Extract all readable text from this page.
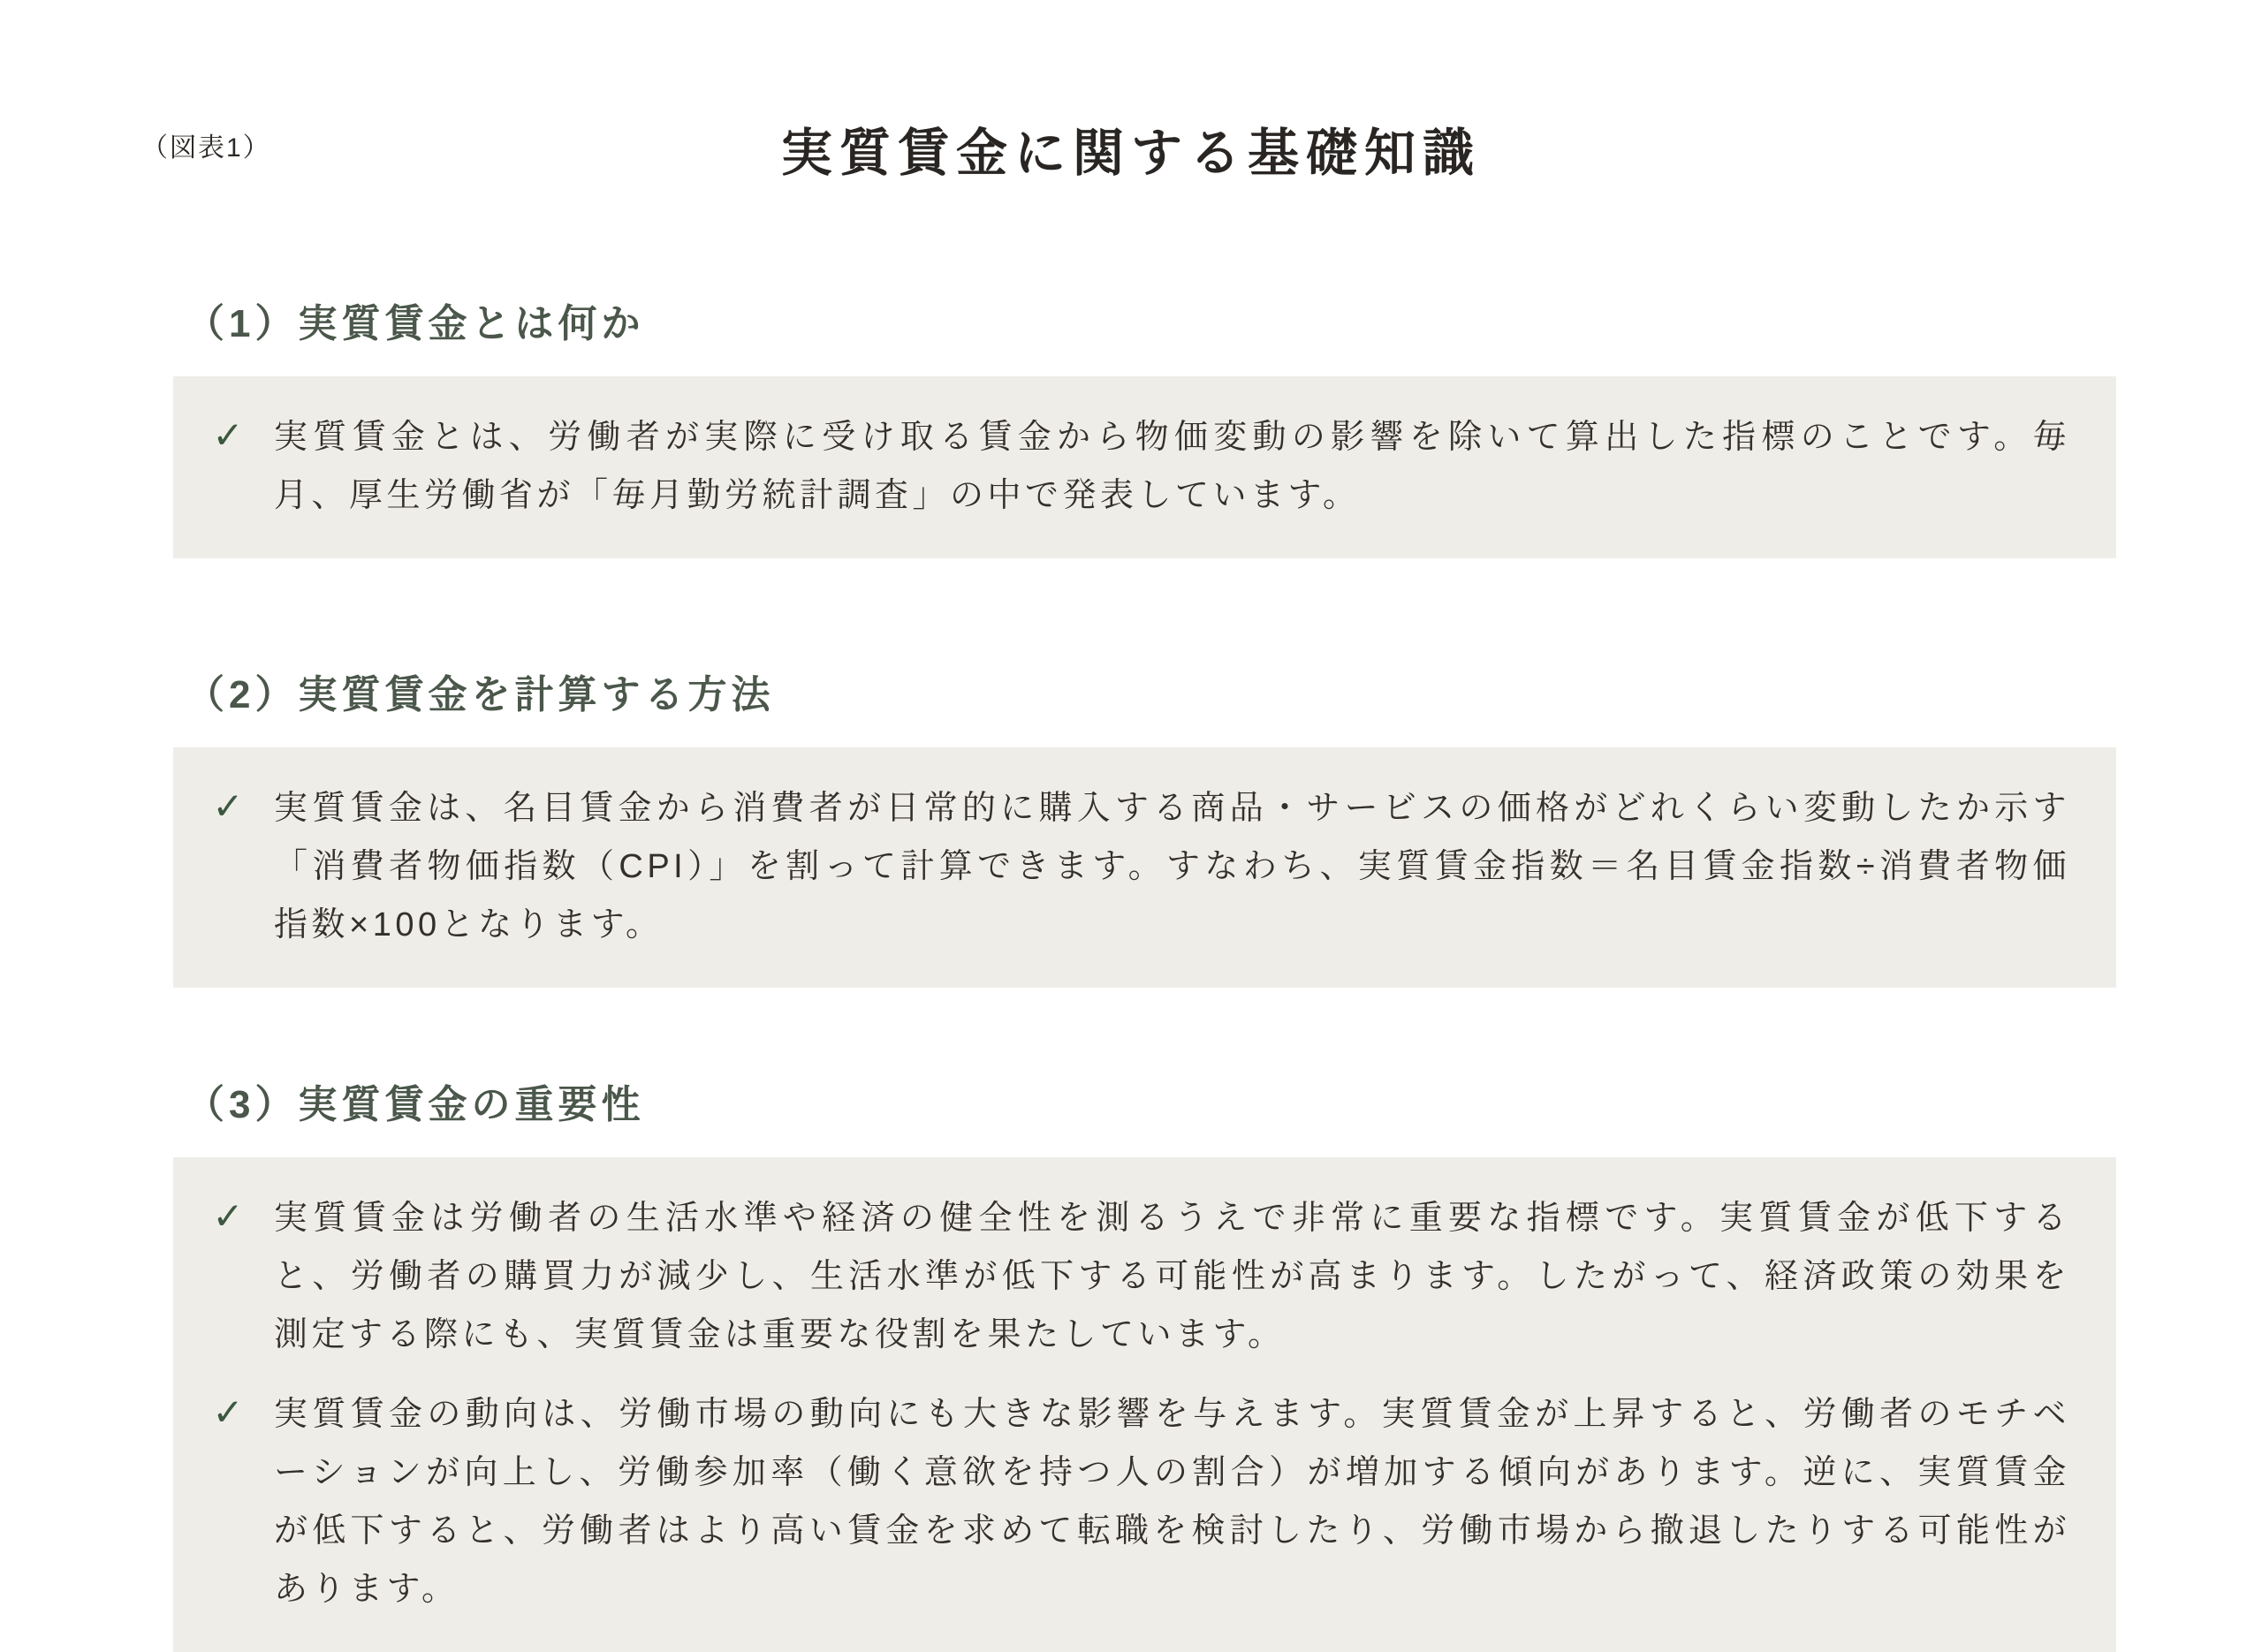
（図表1）	実質賃金に関する基礎知識
（1）実質賃金とは何か
✓ 実質賃金とは、労働者が実際に受け取る賃金から物価変動の影響を除いて算出した指標のことです。毎月、厚生労働省が「毎月勤労統計調査」の中で発表しています。

（2）実質賃金を計算する方法
✓ 実質賃金は、名目賃金から消費者が日常的に購入する商品・サービスの価格がどれくらい変動したか示す「消費者物価指数（CPI）」を割って計算できます。すなわち、実質賃金指数＝名目賃金指数÷消費者物価指数×100となります。

（3）実質賃金の重要性
✓ 実質賃金は労働者の生活水準や経済の健全性を測るうえで非常に重要な指標です。実質賃金が低下すると、労働者の購買力が減少し、生活水準が低下する可能性が高まります。したがって、経済政策の効果を測定する際にも、実質賃金は重要な役割を果たしています。

✓ 実質賃金の動向は、労働市場の動向にも大きな影響を与えます。実質賃金が上昇すると、労働者のモチベーションが向上し、労働参加率（働く意欲を持つ人の割合）が増加する傾向があります。逆に、実質賃金が低下すると、労働者はより高い賃金を求めて転職を検討したり、労働市場から撤退したりする可能性があります。
